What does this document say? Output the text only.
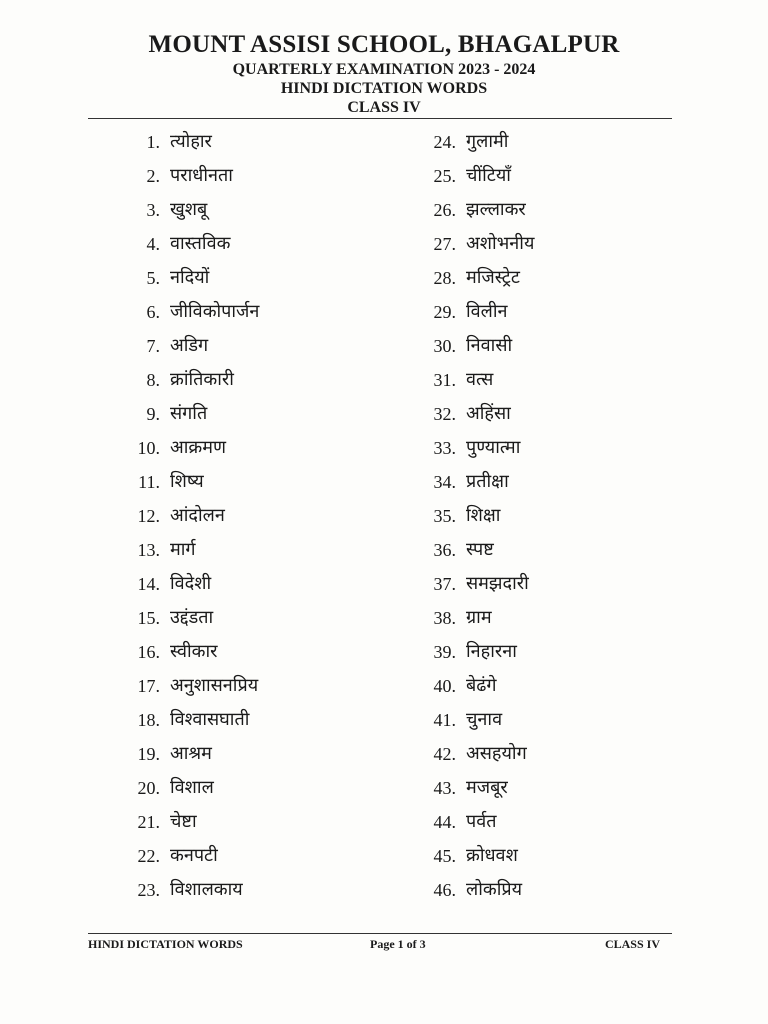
MOUNT ASSISI SCHOOL, BHAGALPUR
QUARTERLY EXAMINATION 2023 - 2024
HINDI DICTATION WORDS
CLASS IV
1. त्योहार
2. पराधीनता
3. खुशबू
4. वास्तविक
5. नदियों
6. जीविकोपार्जन
7. अडिग
8. क्रांतिकारी
9. संगति
10. आक्रमण
11. शिष्य
12. आंदोलन
13. मार्ग
14. विदेशी
15. उद्दंडता
16. स्वीकार
17. अनुशासनप्रिय
18. विश्वासघाती
19. आश्रम
20. विशाल
21. चेष्टा
22. कनपटी
23. विशालकाय
24. गुलामी
25. चींटियाँ
26. झल्लाकर
27. अशोभनीय
28. मजिस्ट्रेट
29. विलीन
30. निवासी
31. वत्स
32. अहिंसा
33. पुण्यात्मा
34. प्रतीक्षा
35. शिक्षा
36. स्पष्ट
37. समझदारी
38. ग्राम
39. निहारना
40. बेढंगे
41. चुनाव
42. असहयोग
43. मजबूर
44. पर्वत
45. क्रोधवश
46. लोकप्रिय
HINDI DICTATION WORDS	Page 1 of 3	CLASS IV
